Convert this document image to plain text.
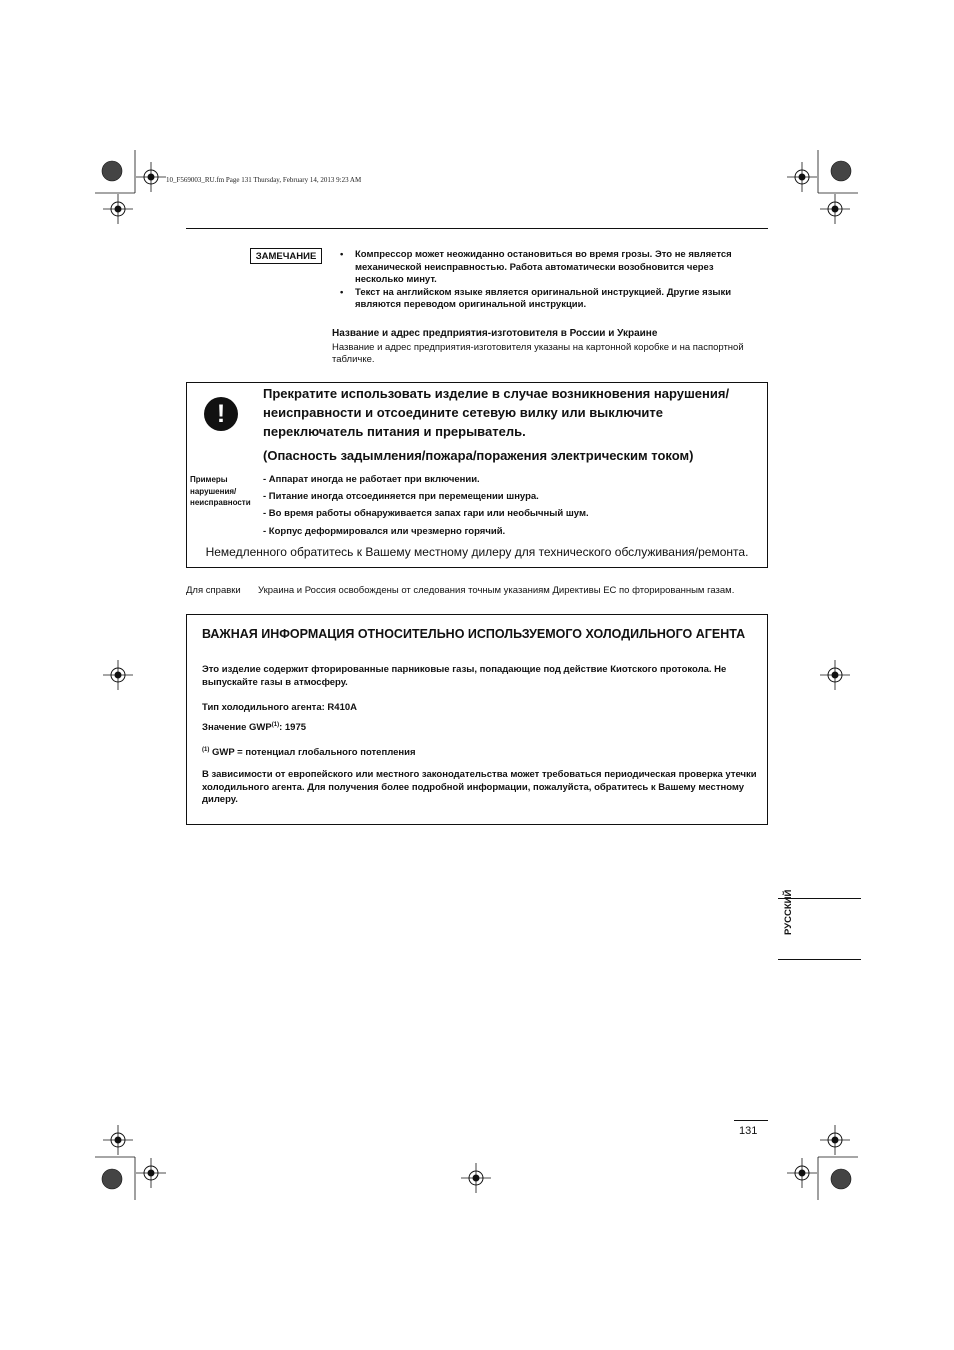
10_F569003_RU.fm Page 131 Thursday, February 14, 2013 9:23 AM
ЗАМЕЧАНИЕ
•	Компрессор может неожиданно остановиться во время грозы. Это не является механической неисправностью. Работа автоматически возобновится через несколько минут.
• Текст на английском языке является оригинальной инструкцией. Другие языки являются переводом оригинальной инструкции.
Название и адрес предприятия-изготовителя в России и Украине
Название и адрес предприятия-изготовителя указаны на картонной коробке и на паспортной табличке.
!
Прекратите использовать изделие в случае возникновения нарушения/ неисправности и отсоедините сетевую вилку или выключите переключатель питания и прерыватель.
(Опасность задымления/пожара/поражения электрическим током)
Примеры нарушения/ неисправности
- Аппарат иногда не работает при включении.
- Питание иногда отсоединяется при перемещении шнура.
- Во время работы обнаруживается запах гари или необычный шум.
- Корпус деформировался или чрезмерно горячий.
Немедленного обратитесь к Вашему местному дилеру для технического обслуживания/ремонта.
Для справки Украина и Россия освобождены от следования точным указаниям Директивы ЕС по фторированным газам.
ВАЖНАЯ ИНФОРМАЦИЯ ОТНОСИТЕЛЬНО ИСПОЛЬЗУЕМОГО ХОЛОДИЛЬНОГО АГЕНТА
Это изделие содержит фторированные парниковые газы, попадающие под действие Киотского протокола. Не выпускайте газы в атмосферу.
Тип холодильного агента: R410A
Значение GWP$^{(1)}$: 1975
$^{(1)}$ GWP = потенциал глобального потепления
В зависимости от европейского или местного законодательства может требоваться периодическая проверка утечки холодильного агента. Для получения более подробной информации, пожалуйста, обратитесь к Вашему местному дилеру.
РУССКИЙ
131
